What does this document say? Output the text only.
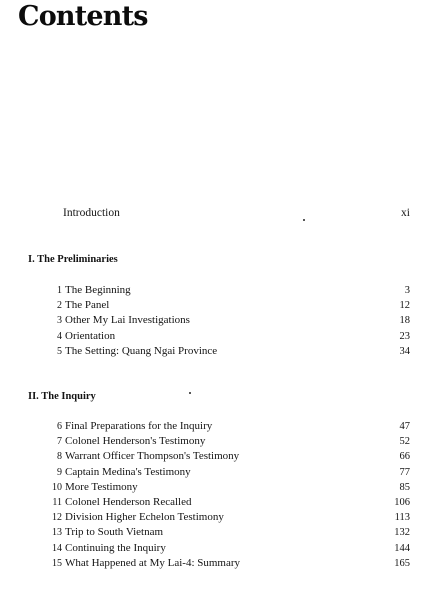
Contents
Introduction	xi
I. The Preliminaries
1 The Beginning	3
2 The Panel	12
3 Other My Lai Investigations	18
4 Orientation	23
5 The Setting: Quang Ngai Province	34
II. The Inquiry
6 Final Preparations for the Inquiry	47
7 Colonel Henderson's Testimony	52
8 Warrant Officer Thompson's Testimony	66
9 Captain Medina's Testimony	77
10 More Testimony	85
11 Colonel Henderson Recalled	106
12 Division Higher Echelon Testimony	113
13 Trip to South Vietnam	132
14 Continuing the Inquiry	144
15 What Happened at My Lai-4: Summary	165
